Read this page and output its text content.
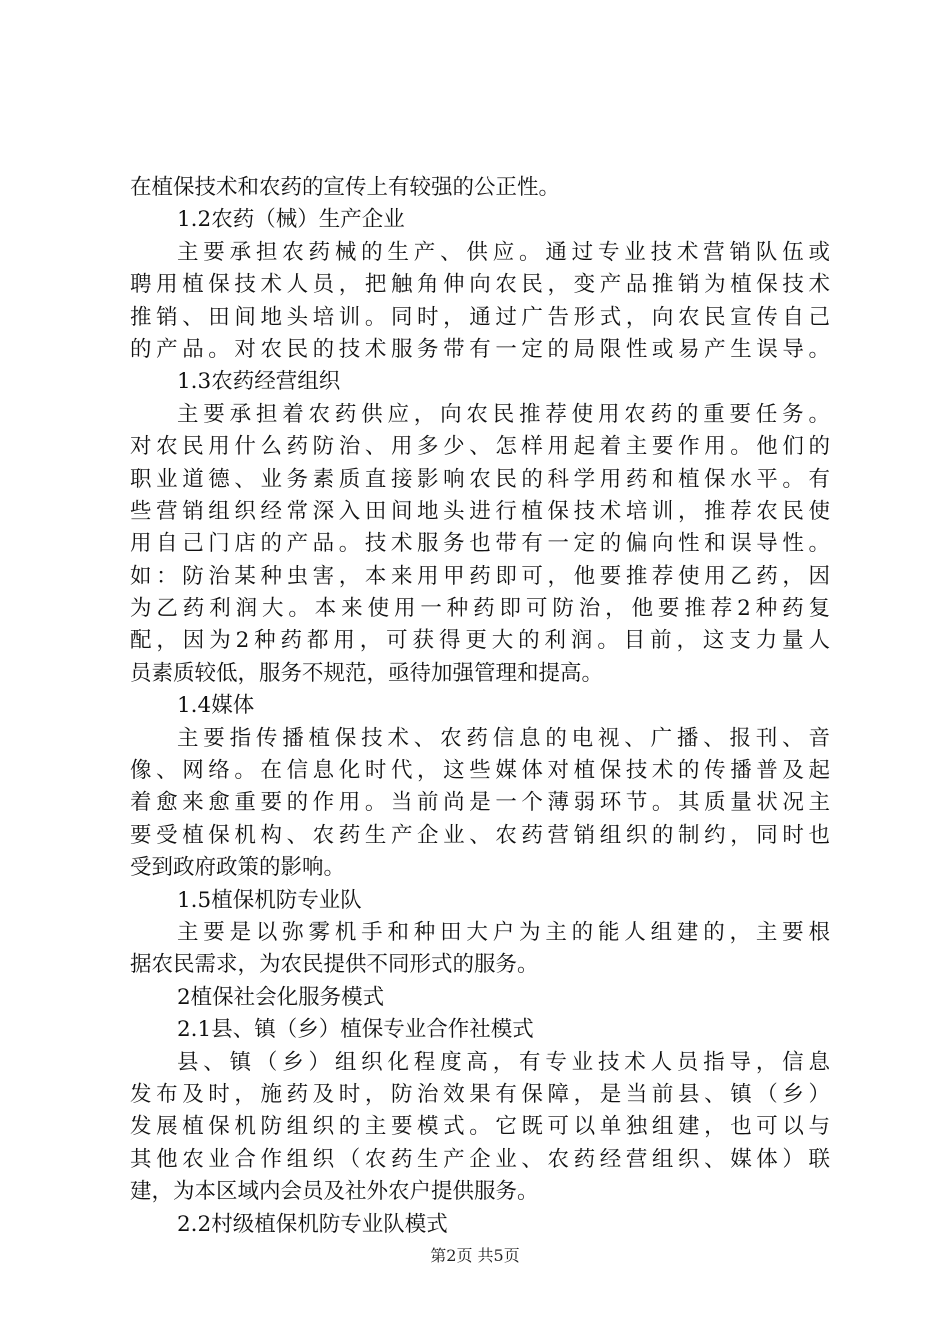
在植保技术和农药的宣传上有较强的公正性。
1.2农药（械）生产企业
主要承担农药械的生产、供应。通过专业技术营销队伍或
聘用植保技术人员，把触角伸向农民，变产品推销为植保技术
推销、田间地头培训。同时，通过广告形式，向农民宣传自己
的产品。对农民的技术服务带有一定的局限性或易产生误导。
1.3农药经营组织
主要承担着农药供应，向农民推荐使用农药的重要任务。
对农民用什么药防治、用多少、怎样用起着主要作用。他们的
职业道德、业务素质直接影响农民的科学用药和植保水平。有
些营销组织经常深入田间地头进行植保技术培训，推荐农民使
用自己门店的产品。技术服务也带有一定的偏向性和误导性。
如：防治某种虫害，本来用甲药即可，他要推荐使用乙药，因
为乙药利润大。本来使用一种药即可防治，他要推荐2种药复
配，因为2种药都用，可获得更大的利润。目前，这支力量人
员素质较低，服务不规范，亟待加强管理和提高。
1.4媒体
主要指传播植保技术、农药信息的电视、广播、报刊、音
像、网络。在信息化时代，这些媒体对植保技术的传播普及起
着愈来愈重要的作用。当前尚是一个薄弱环节。其质量状况主
要受植保机构、农药生产企业、农药营销组织的制约，同时也
受到政府政策的影响。
1.5植保机防专业队
主要是以弥雾机手和种田大户为主的能人组建的，主要根
据农民需求，为农民提供不同形式的服务。
2植保社会化服务模式
2.1县、镇（乡）植保专业合作社模式
县、镇（乡）组织化程度高，有专业技术人员指导，信息
发布及时，施药及时，防治效果有保障，是当前县、镇（乡）
发展植保机防组织的主要模式。它既可以单独组建，也可以与
其他农业合作组织（农药生产企业、农药经营组织、媒体）联
建，为本区域内会员及社外农户提供服务。
2.2村级植保机防专业队模式
第2页 共5页
